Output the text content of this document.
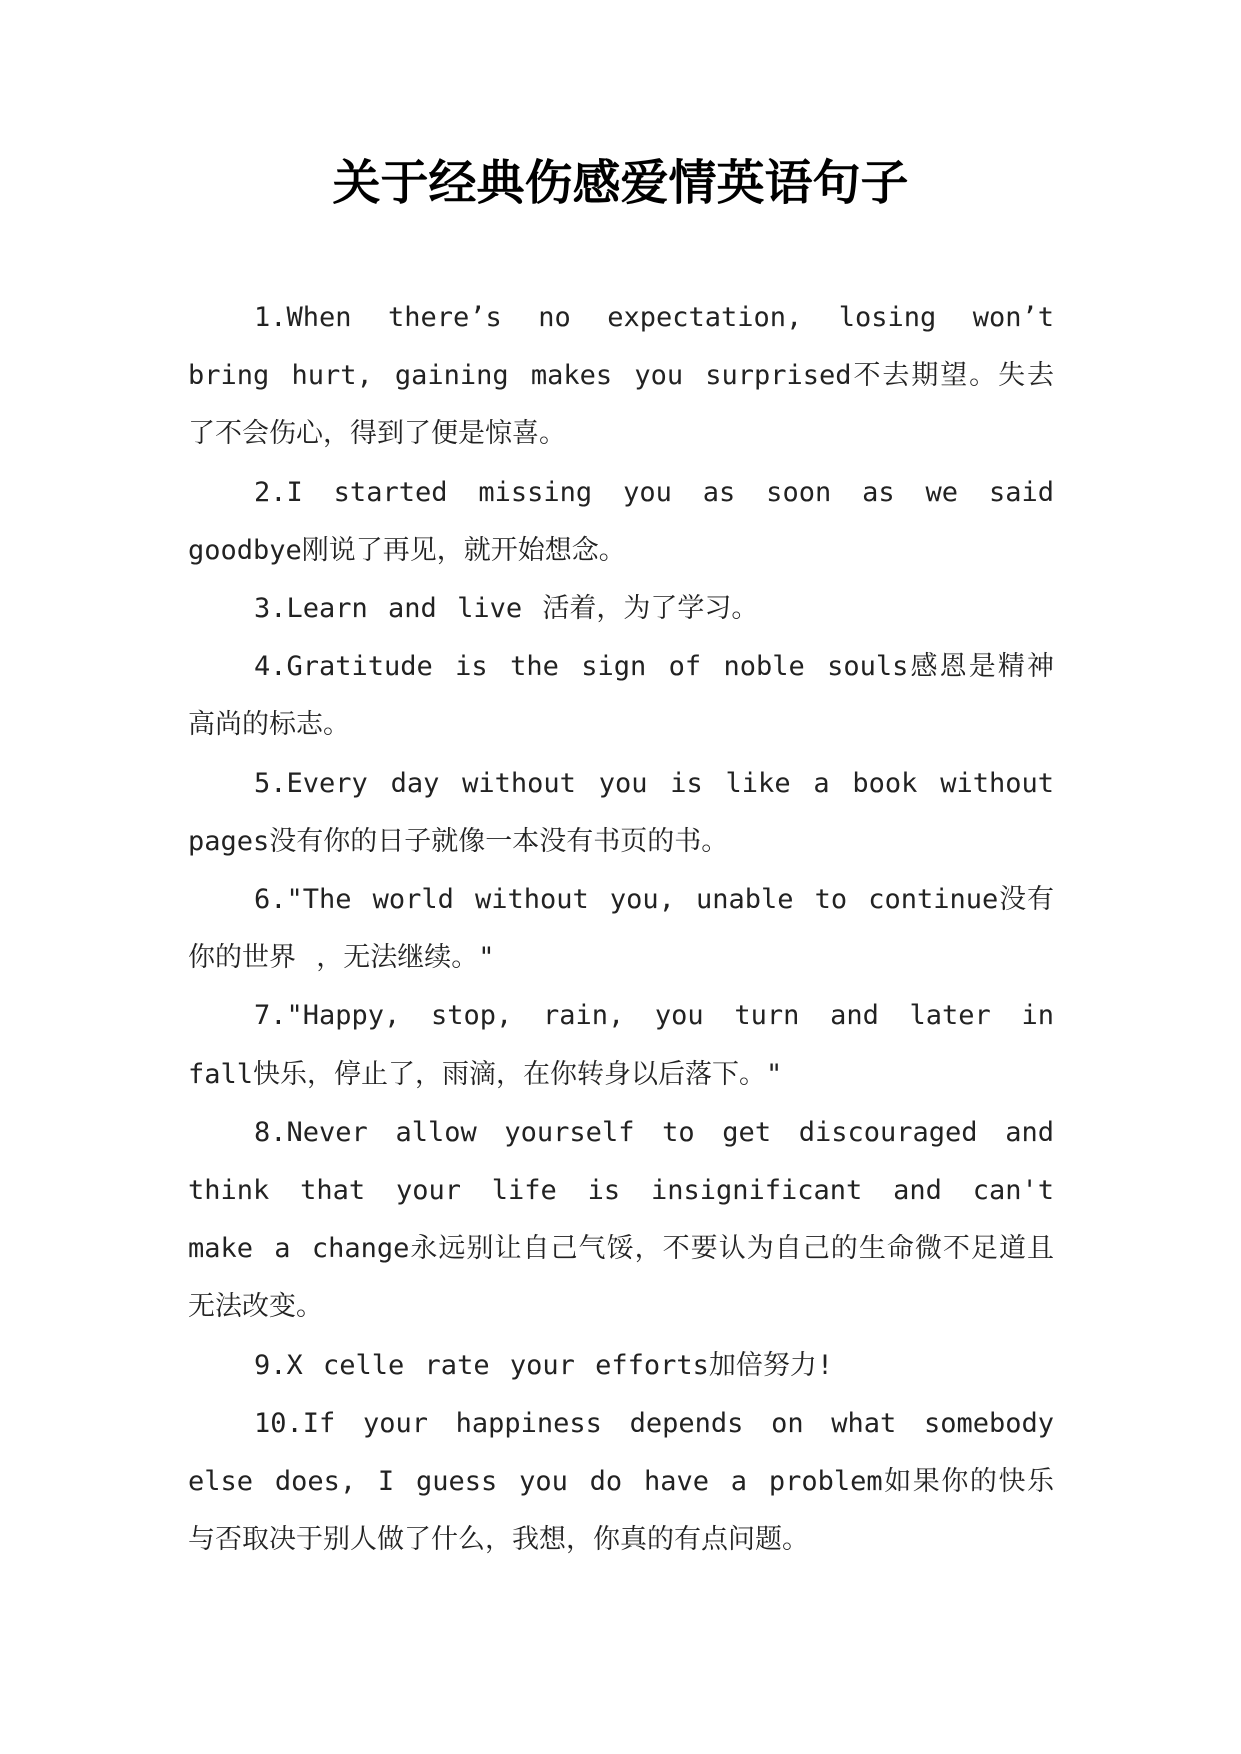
关于经典伤感爱情英语句子

1.When there’s no expectation, losing won’t bring hurt, gaining makes you surprised不去期望。失去了不会伤心，得到了便是惊喜。

2.I started missing you as soon as we said goodbye刚说了再见，就开始想念。

3.Learn and live 活着，为了学习。

4.Gratitude is the sign of noble souls感恩是精神高尚的标志。

5.Every day without you is like a book without pages没有你的日子就像一本没有书页的书。

6."The world without you, unable to continue没有你的世界 ，无法继续。"

7."Happy, stop, rain, you turn and later in fall快乐，停止了，雨滴，在你转身以后落下。"

8.Never allow yourself to get discouraged and think that your life is insignificant and can't make a change永远别让自己气馁，不要认为自己的生命微不足道且无法改变。

9.X celle rate your efforts加倍努力!

10.If your happiness depends on what somebody else does, I guess you do have a problem如果你的快乐与否取决于别人做了什么，我想，你真的有点问题。
